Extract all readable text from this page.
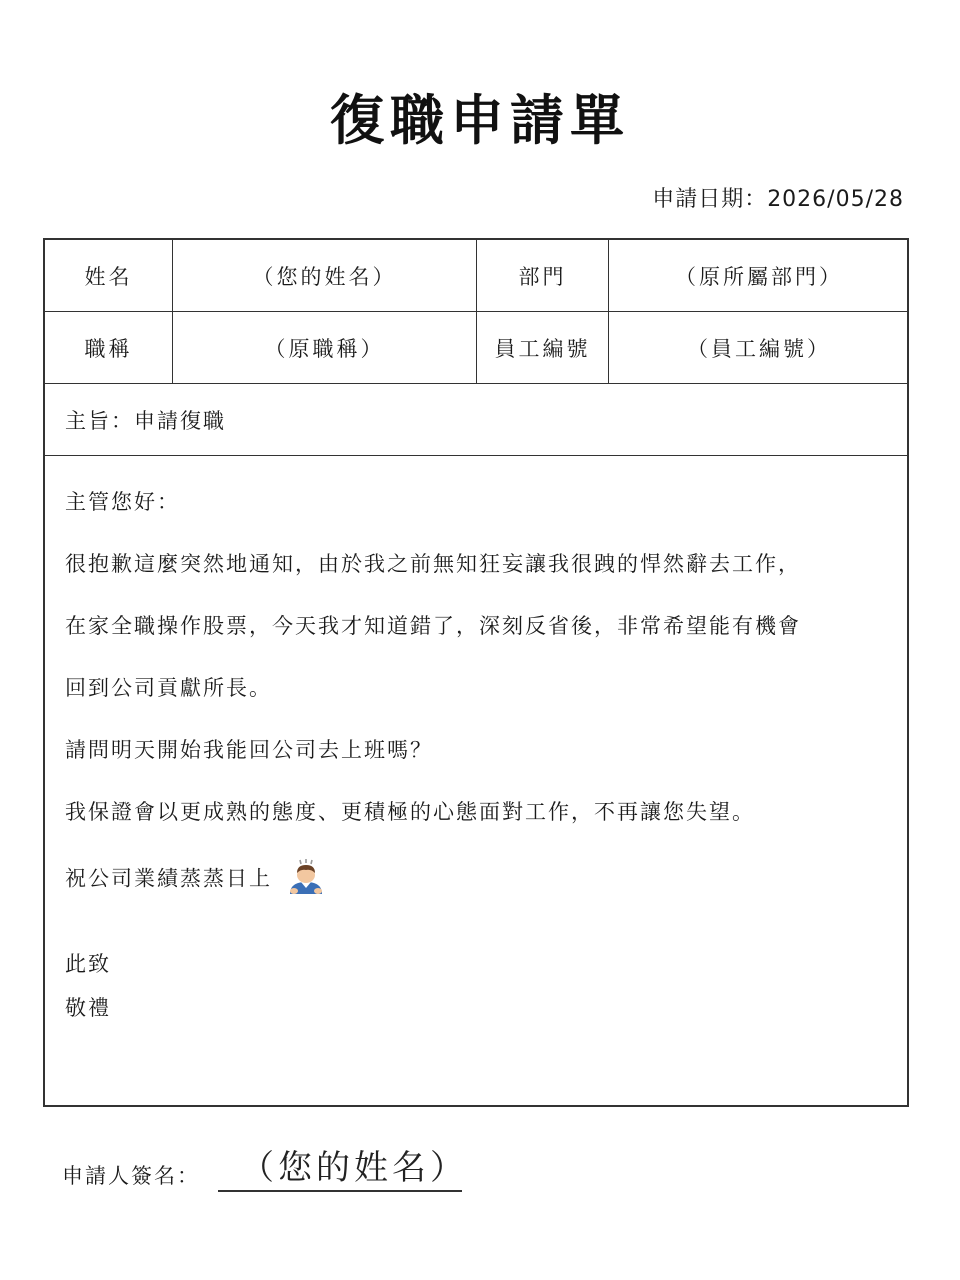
復職申請單
申請日期：2026/05/28
姓名	（您的姓名）	部門	（原所屬部門）
職稱	（原職稱）	員工編號	（員工編號）
主旨：申請復職
主管您好：
很抱歉這麼突然地通知，由於我之前無知狂妄讓我很跩的悍然辭去工作，
在家全職操作股票，今天我才知道錯了，深刻反省後，非常希望能有機會
回到公司貢獻所長。
請問明天開始我能回公司去上班嗎？
我保證會以更成熟的態度、更積極的心態面對工作，不再讓您失望。
祝公司業績蒸蒸日上
此致
敬禮
申請人簽名： （您的姓名）
